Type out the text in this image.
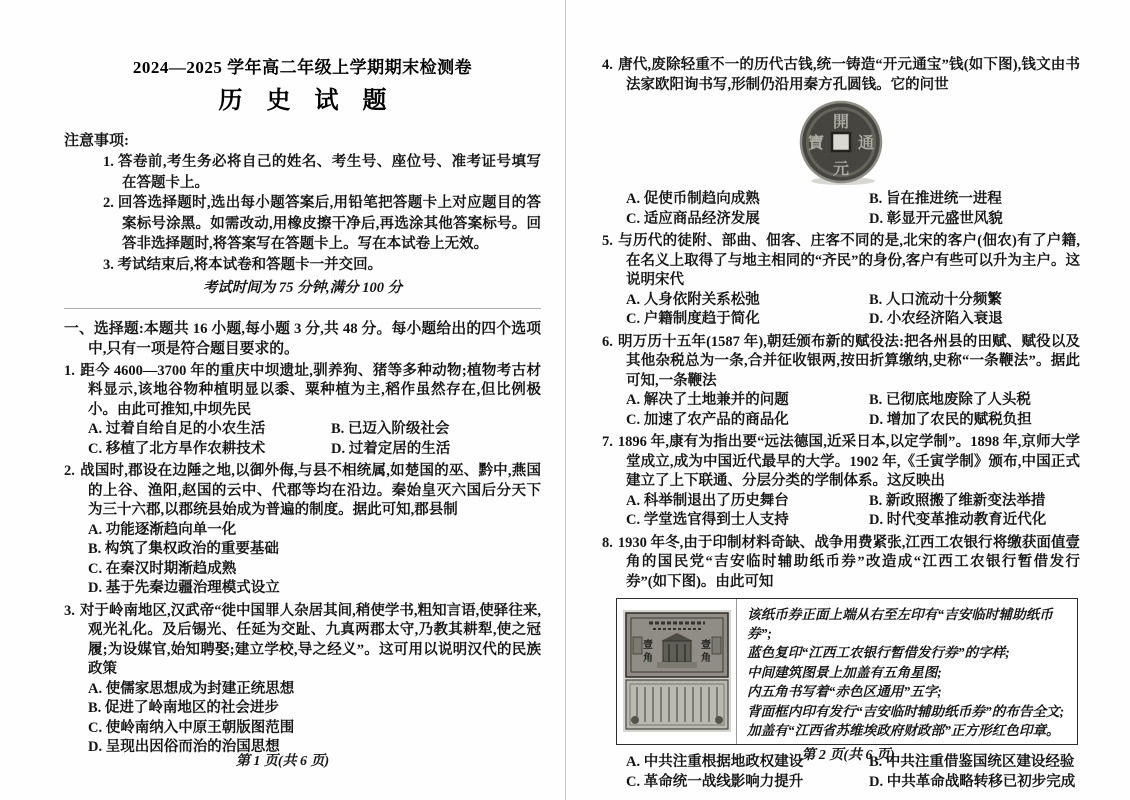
2024—2025 学年高二年级上学期期末检测卷
历 史 试 题
注意事项:
1. 答卷前,考生务必将自己的姓名、考生号、座位号、准考证号填写在答题卡上。
2. 回答选择题时,选出每小题答案后,用铅笔把答题卡上对应题目的答案标号涂黑。如需改动,用橡皮擦干净后,再选涂其他答案标号。回答非选择题时,将答案写在答题卡上。写在本试卷上无效。
3. 考试结束后,将本试卷和答题卡一并交回。
考试时间为 75 分钟,满分 100 分
一、选择题:本题共 16 小题,每小题 3 分,共 48 分。每小题给出的四个选项中,只有一项是符合题目要求的。
1. 距今 4600—3700 年的重庆中坝遗址,驯养狗、猪等多种动物;植物考古材料显示,该地谷物种植明显以黍、粟种植为主,稻作虽然存在,但比例极小。由此可推知,中坝先民
A. 过着自给自足的小农生活	B. 已迈入阶级社会
C. 移植了北方旱作农耕技术	D. 过着定居的生活
2. 战国时,郡设在边陲之地,以御外侮,与县不相统属,如楚国的巫、黔中,燕国的上谷、渔阳,赵国的云中、代郡等均在沿边。秦始皇灭六国后分天下为三十六郡,以郡统县始成为普遍的制度。据此可知,郡县制
A. 功能逐渐趋向单一化
B. 构筑了集权政治的重要基础
C. 在秦汉时期渐趋成熟
D. 基于先秦边疆治理模式设立
3. 对于岭南地区,汉武帝“徙中国罪人杂居其间,稍使学书,粗知言语,使驿往来,观光礼化。及后锡光、任延为交趾、九真两郡太守,乃教其耕犁,使之冠履;为设媒官,始知聘娶;建立学校,导之经义”。这可用以说明汉代的民族政策
A. 使儒家思想成为封建正统思想
B. 促进了岭南地区的社会进步
C. 使岭南纳入中原王朝版图范围
D. 呈现出因俗而治的治国思想
第 1 页(共 6 页)
4. 唐代,废除轻重不一的历代古钱,统一铸造“开元通宝”钱(如下图),钱文由书法家欧阳询书写,形制仍沿用秦方孔圆钱。它的问世
開
元
寶 通
A. 促使币制趋向成熟	B. 旨在推进统一进程
C. 适应商品经济发展	D. 彰显开元盛世风貌
5. 与历代的徒附、部曲、佃客、庄客不同的是,北宋的客户(佃农)有了户籍,在名义上取得了与地主相同的“齐民”的身份,客户有些可以升为主户。这说明宋代
A. 人身依附关系松弛	B. 人口流动十分频繁
C. 户籍制度趋于简化	D. 小农经济陷入衰退
6. 明万历十五年(1587 年),朝廷颁布新的赋役法:把各州县的田赋、赋役以及其他杂税总为一条,合并征收银两,按田折算缴纳,史称“一条鞭法”。据此可知,一条鞭法
A. 解决了土地兼并的问题	B. 已彻底地废除了人头税
C. 加速了农产品的商品化	D. 增加了农民的赋税负担
7. 1896 年,康有为指出要“远法德国,近采日本,以定学制”。1898 年,京师大学堂成立,成为中国近代最早的大学。1902 年,《壬寅学制》颁布,中国正式建立了上下联通、分层分类的学制体系。这反映出
A. 科举制退出了历史舞台	B. 新政照搬了维新变法举措
C. 学堂选官得到士人支持	D. 时代变革推动教育近代化
8. 1930 年冬,由于印制材料奇缺、战争用费紧张,江西工农银行将缴获面值壹角的国民党“吉安临时辅助纸币券”改造成“江西工农银行暂借发行券”(如下图)。由此可知
壹
角
壹
角
该纸币券正面上端从右至左印有“吉安临时辅助纸币券”;
蓝色复印“江西工农银行暂借发行券”的字样;
中间建筑图景上加盖有五角星图;
内五角书写着“赤色区通用”五字;
背面框内印有发行“吉安临时辅助纸币券”的布告全文;
加盖有“江西省苏维埃政府财政部”正方形红色印章。
A. 中共注重根据地政权建设	B. 中共注重借鉴国统区建设经验
C. 革命统一战线影响力提升	D. 中共革命战略转移已初步完成
第 2 页(共 6 页)
